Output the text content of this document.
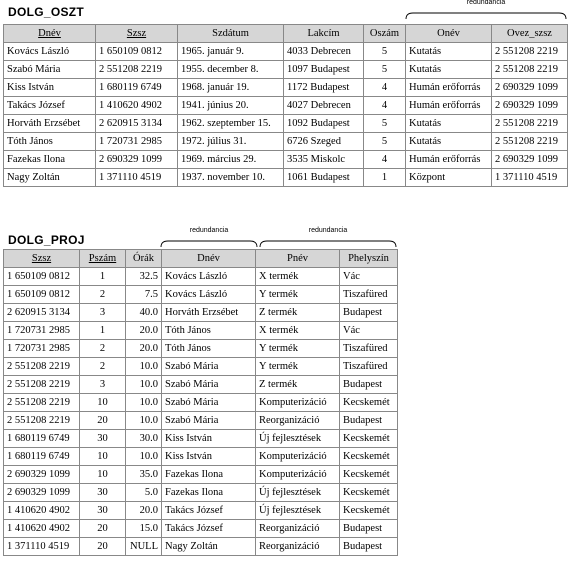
DOLG_OSZT
redundancia
Dnév	Szsz	Szdátum	Lakcím	Oszám	Onév	Ovez_szsz
Kovács László	1 650109 0812	1965. január 9.	4033 Debrecen	5	Kutatás	2 551208 2219
Szabó Mária	2 551208 2219	1955. december 8.	1097 Budapest	5	Kutatás	2 551208 2219
Kiss István	1 680119 6749	1968. január 19.	1172 Budapest	4	Humán erőforrás	2 690329 1099
Takács József	1 410620 4902	1941. június 20.	4027 Debrecen	4	Humán erőforrás	2 690329 1099
Horváth Erzsébet	2 620915 3134	1962. szeptember 15.	1092 Budapest	5	Kutatás	2 551208 2219
Tóth János	1 720731 2985	1972. július 31.	6726 Szeged	5	Kutatás	2 551208 2219
Fazekas Ilona	2 690329 1099	1969. március 29.	3535 Miskolc	4	Humán erőforrás	2 690329 1099
Nagy Zoltán	1 371110 4519	1937. november 10.	1061 Budapest	1	Központ	1 371110 4519
DOLG_PROJ
redundancia	redundancia
Szsz	Pszám	Órák	Dnév	Pnév	Phelyszín
1 650109 0812	1	32.5	Kovács László	X termék	Vác
1 650109 0812	2	7.5	Kovács László	Y termék	Tiszafüred
2 620915 3134	3	40.0	Horváth Erzsébet	Z termék	Budapest
1 720731 2985	1	20.0	Tóth János	X termék	Vác
1 720731 2985	2	20.0	Tóth János	Y termék	Tiszafüred
2 551208 2219	2	10.0	Szabó Mária	Y termék	Tiszafüred
2 551208 2219	3	10.0	Szabó Mária	Z termék	Budapest
2 551208 2219	10	10.0	Szabó Mária	Komputerizáció	Kecskemét
2 551208 2219	20	10.0	Szabó Mária	Reorganizáció	Budapest
1 680119 6749	30	30.0	Kiss István	Új fejlesztések	Kecskemét
1 680119 6749	10	10.0	Kiss István	Komputerizáció	Kecskemét
2 690329 1099	10	35.0	Fazekas Ilona	Komputerizáció	Kecskemét
2 690329 1099	30	5.0	Fazekas Ilona	Új fejlesztések	Kecskemét
1 410620 4902	30	20.0	Takács József	Új fejlesztések	Kecskemét
1 410620 4902	20	15.0	Takács József	Reorganizáció	Budapest
1 371110 4519	20	NULL	Nagy Zoltán	Reorganizáció	Budapest
